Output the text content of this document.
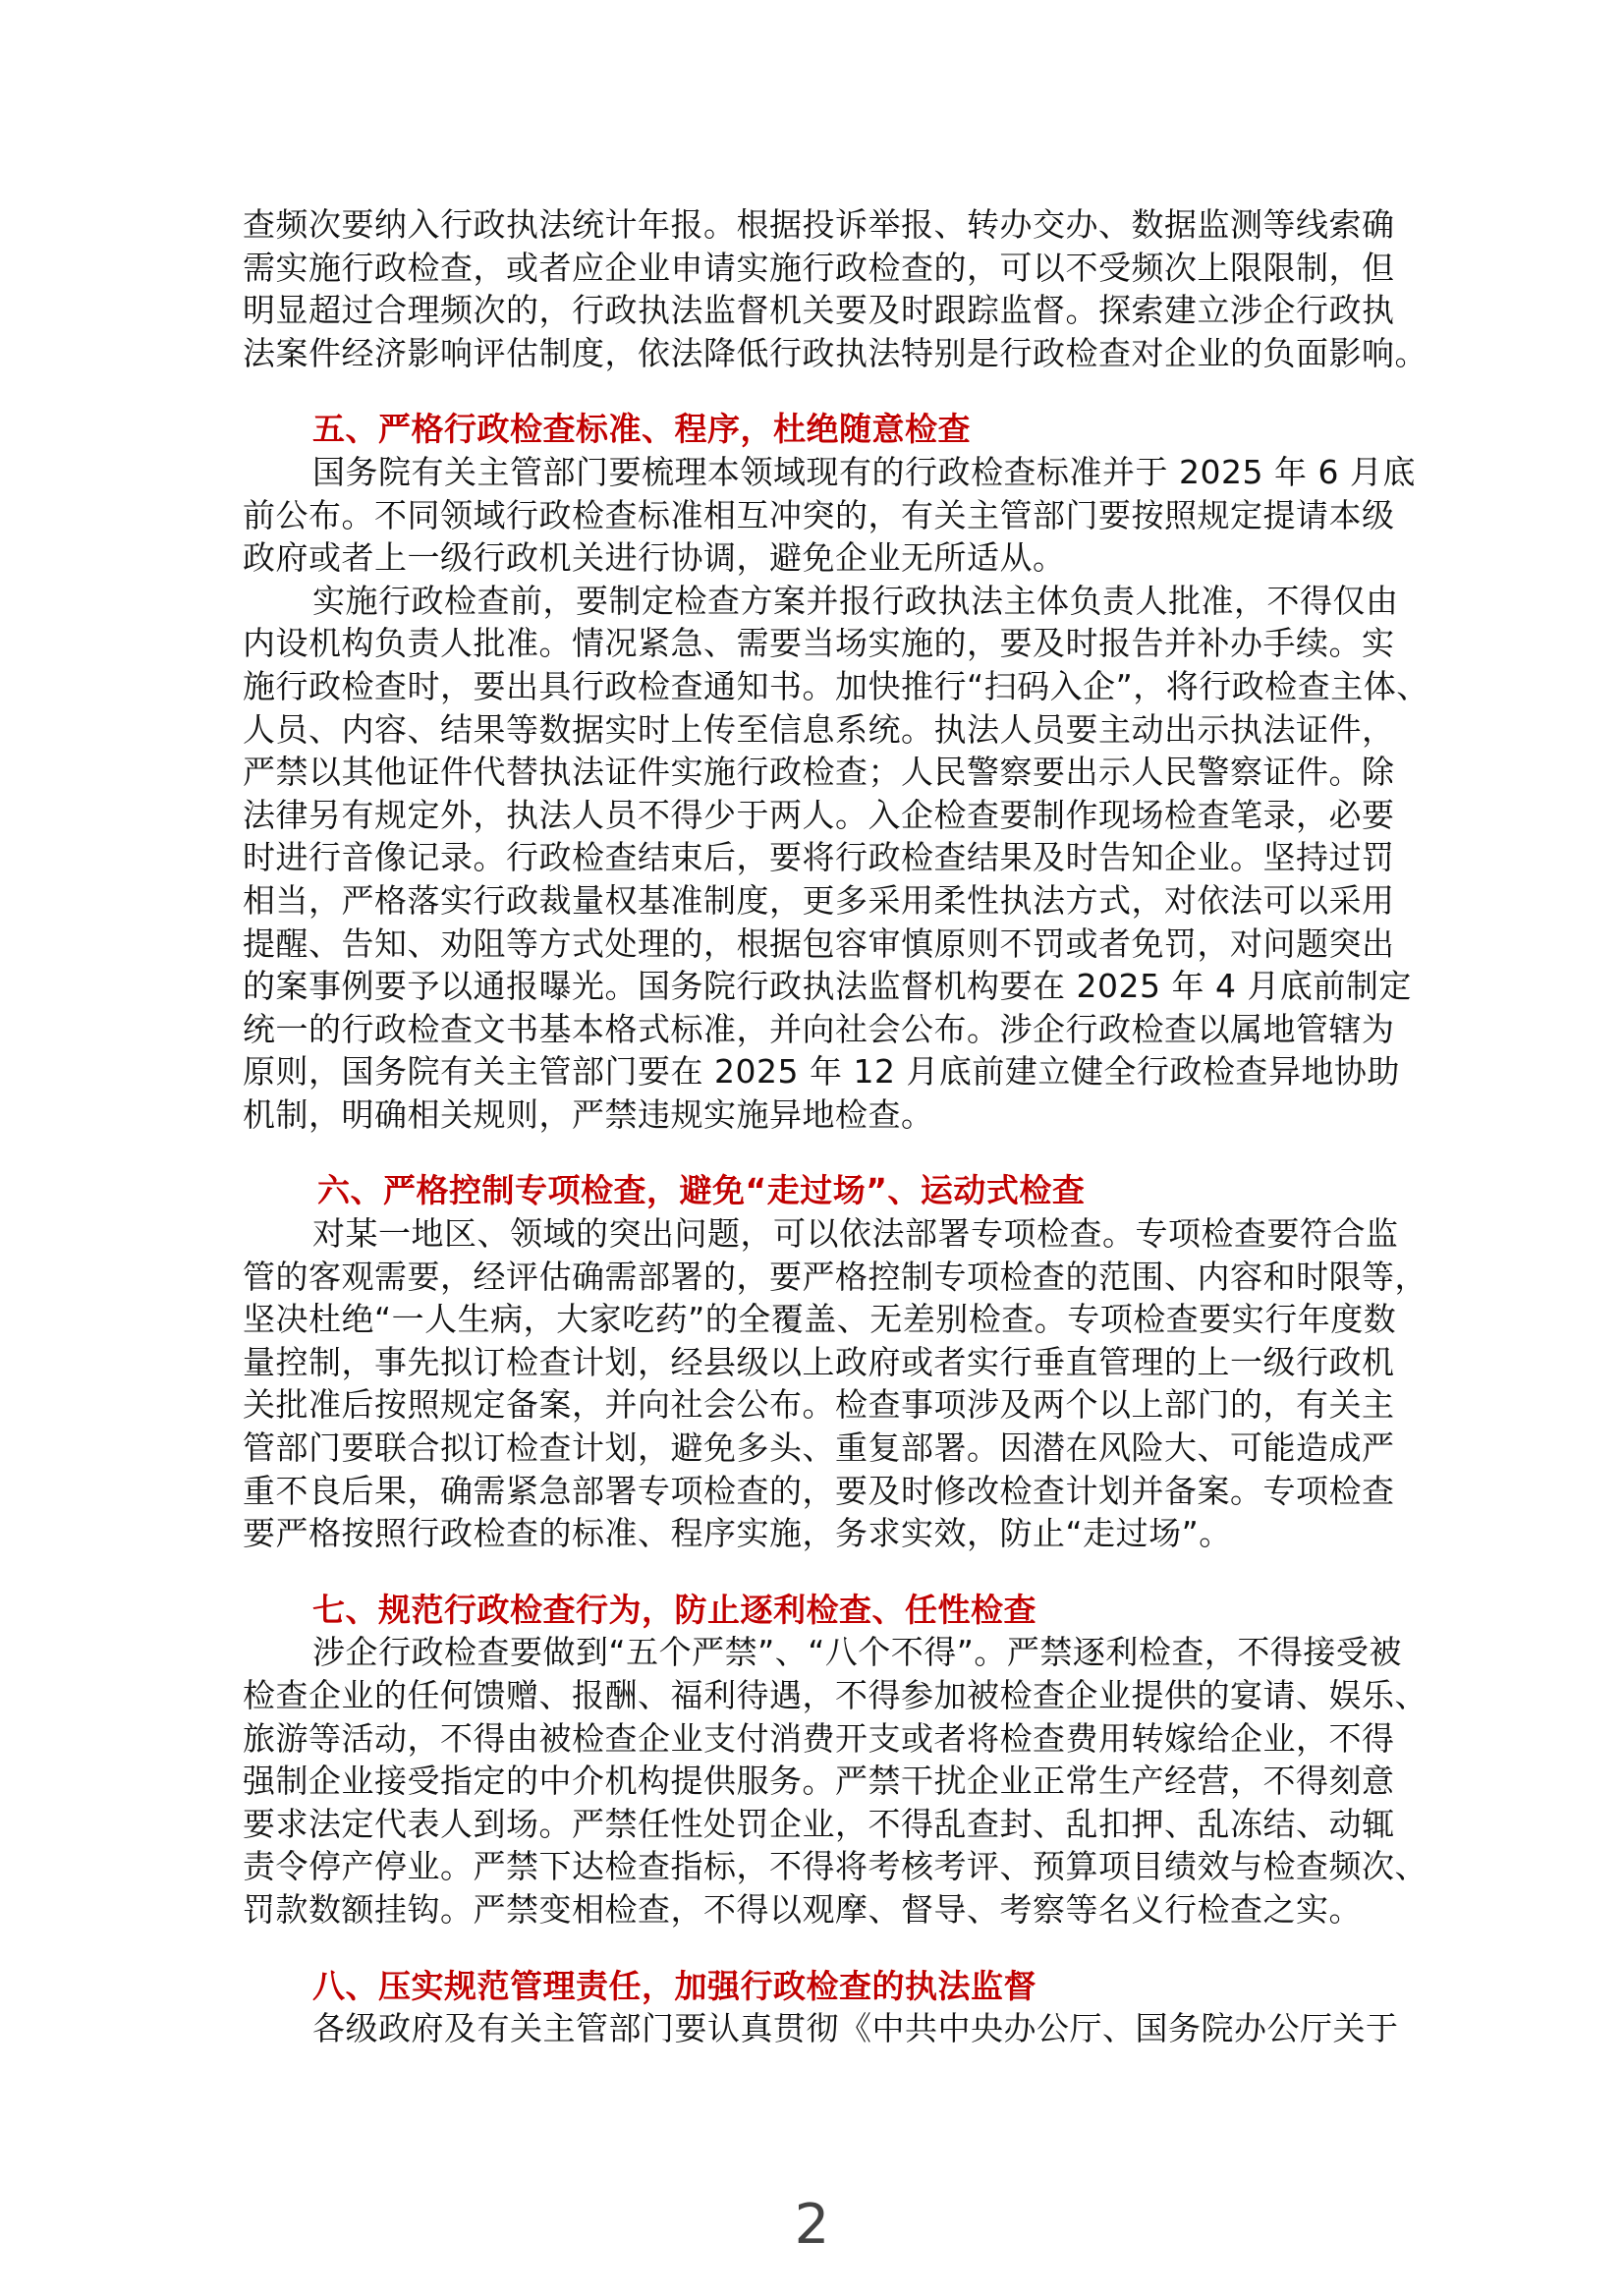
查频次要纳入行政执法统计年报。根据投诉举报、转办交办、数据监测等线索确
需实施行政检查，或者应企业申请实施行政检查的，可以不受频次上限限制，但
明显超过合理频次的，行政执法监督机关要及时跟踪监督。探索建立涉企行政执
法案件经济影响评估制度，依法降低行政执法特别是行政检查对企业的负面影响。

五、严格行政检查标准、程序，杜绝随意检查

国务院有关主管部门要梳理本领域现有的行政检查标准并于 2025 年 6 月底
前公布。不同领域行政检查标准相互冲突的，有关主管部门要按照规定提请本级
政府或者上一级行政机关进行协调，避免企业无所适从。

实施行政检查前，要制定检查方案并报行政执法主体负责人批准，不得仅由
内设机构负责人批准。情况紧急、需要当场实施的，要及时报告并补办手续。实
施行政检查时，要出具行政检查通知书。加快推行“扫码入企”，将行政检查主体、
人员、内容、结果等数据实时上传至信息系统。执法人员要主动出示执法证件，
严禁以其他证件代替执法证件实施行政检查；人民警察要出示人民警察证件。除
法律另有规定外，执法人员不得少于两人。入企检查要制作现场检查笔录，必要
时进行音像记录。行政检查结束后，要将行政检查结果及时告知企业。坚持过罚
相当，严格落实行政裁量权基准制度，更多采用柔性执法方式，对依法可以采用
提醒、告知、劝阻等方式处理的，根据包容审慎原则不罚或者免罚，对问题突出
的案事例要予以通报曝光。国务院行政执法监督机构要在 2025 年 4 月底前制定
统一的行政检查文书基本格式标准，并向社会公布。涉企行政检查以属地管辖为
原则，国务院有关主管部门要在 2025 年 12 月底前建立健全行政检查异地协助
机制，明确相关规则，严禁违规实施异地检查。

六、严格控制专项检查，避免“走过场”、运动式检查

对某一地区、领域的突出问题，可以依法部署专项检查。专项检查要符合监
管的客观需要，经评估确需部署的，要严格控制专项检查的范围、内容和时限等，
坚决杜绝“一人生病，大家吃药”的全覆盖、无差别检查。专项检查要实行年度数
量控制，事先拟订检查计划，经县级以上政府或者实行垂直管理的上一级行政机
关批准后按照规定备案，并向社会公布。检查事项涉及两个以上部门的，有关主
管部门要联合拟订检查计划，避免多头、重复部署。因潜在风险大、可能造成严
重不良后果，确需紧急部署专项检查的，要及时修改检查计划并备案。专项检查
要严格按照行政检查的标准、程序实施，务求实效，防止“走过场”。

七、规范行政检查行为，防止逐利检查、任性检查

涉企行政检查要做到“五个严禁”、“八个不得”。严禁逐利检查，不得接受被
检查企业的任何馈赠、报酬、福利待遇，不得参加被检查企业提供的宴请、娱乐、
旅游等活动，不得由被检查企业支付消费开支或者将检查费用转嫁给企业，不得
强制企业接受指定的中介机构提供服务。严禁干扰企业正常生产经营，不得刻意
要求法定代表人到场。严禁任性处罚企业，不得乱查封、乱扣押、乱冻结、动辄
责令停产停业。严禁下达检查指标，不得将考核考评、预算项目绩效与检查频次、
罚款数额挂钩。严禁变相检查，不得以观摩、督导、考察等名义行检查之实。

八、压实规范管理责任，加强行政检查的执法监督

各级政府及有关主管部门要认真贯彻《中共中央办公厅、国务院办公厅关于

2
